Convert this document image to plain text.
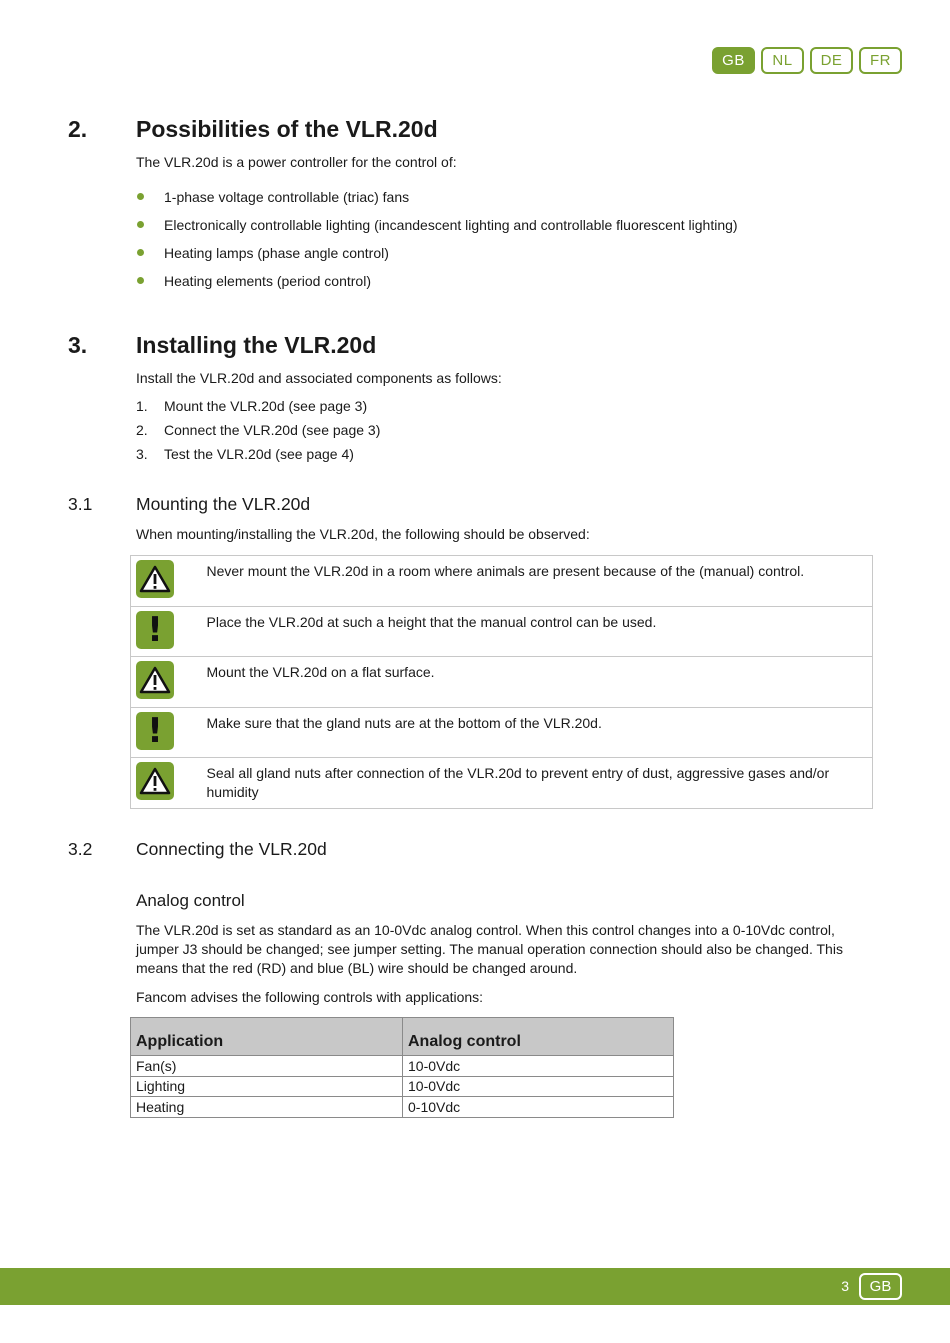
GB	NL	DE	FR
2. Possibilities of the VLR.20d
The VLR.20d is a power controller for the control of:
1-phase voltage controllable (triac) fans
Electronically controllable lighting (incandescent lighting and controllable fluorescent lighting)
Heating lamps (phase angle control)
Heating elements (period control)
3. Installing the VLR.20d
Install the VLR.20d and associated components as follows:
1.	Mount the VLR.20d (see page 3)
2.	Connect the VLR.20d (see page 3)
3.	Test the VLR.20d (see page 4)
3.1 Mounting the VLR.20d
When mounting/installing the VLR.20d, the following should be observed:
	Never mount the VLR.20d in a room where animals are present because of the (manual) control.

!	Place the VLR.20d at such a height that the manual control can be used.

	Mount the VLR.20d on a flat surface.

!	Make sure that the gland nuts are at the bottom of the VLR.20d.

	Seal all gland nuts after connection of the VLR.20d to prevent entry of dust, aggressive gases and/or humidity
3.2 Connecting the VLR.20d
Analog control
The VLR.20d is set as standard as an 10-0Vdc analog control. When this control changes into a 0-10Vdc control, jumper J3 should be changed; see jumper setting. The manual operation connection should also be changed. This means that the red (RD) and blue (BL) wire should be changed around.
Fancom advises the following controls with applications:
Application	Analog control
Fan(s)	10-0Vdc
Lighting	10-0Vdc
Heating	0-10Vdc
3	GB
